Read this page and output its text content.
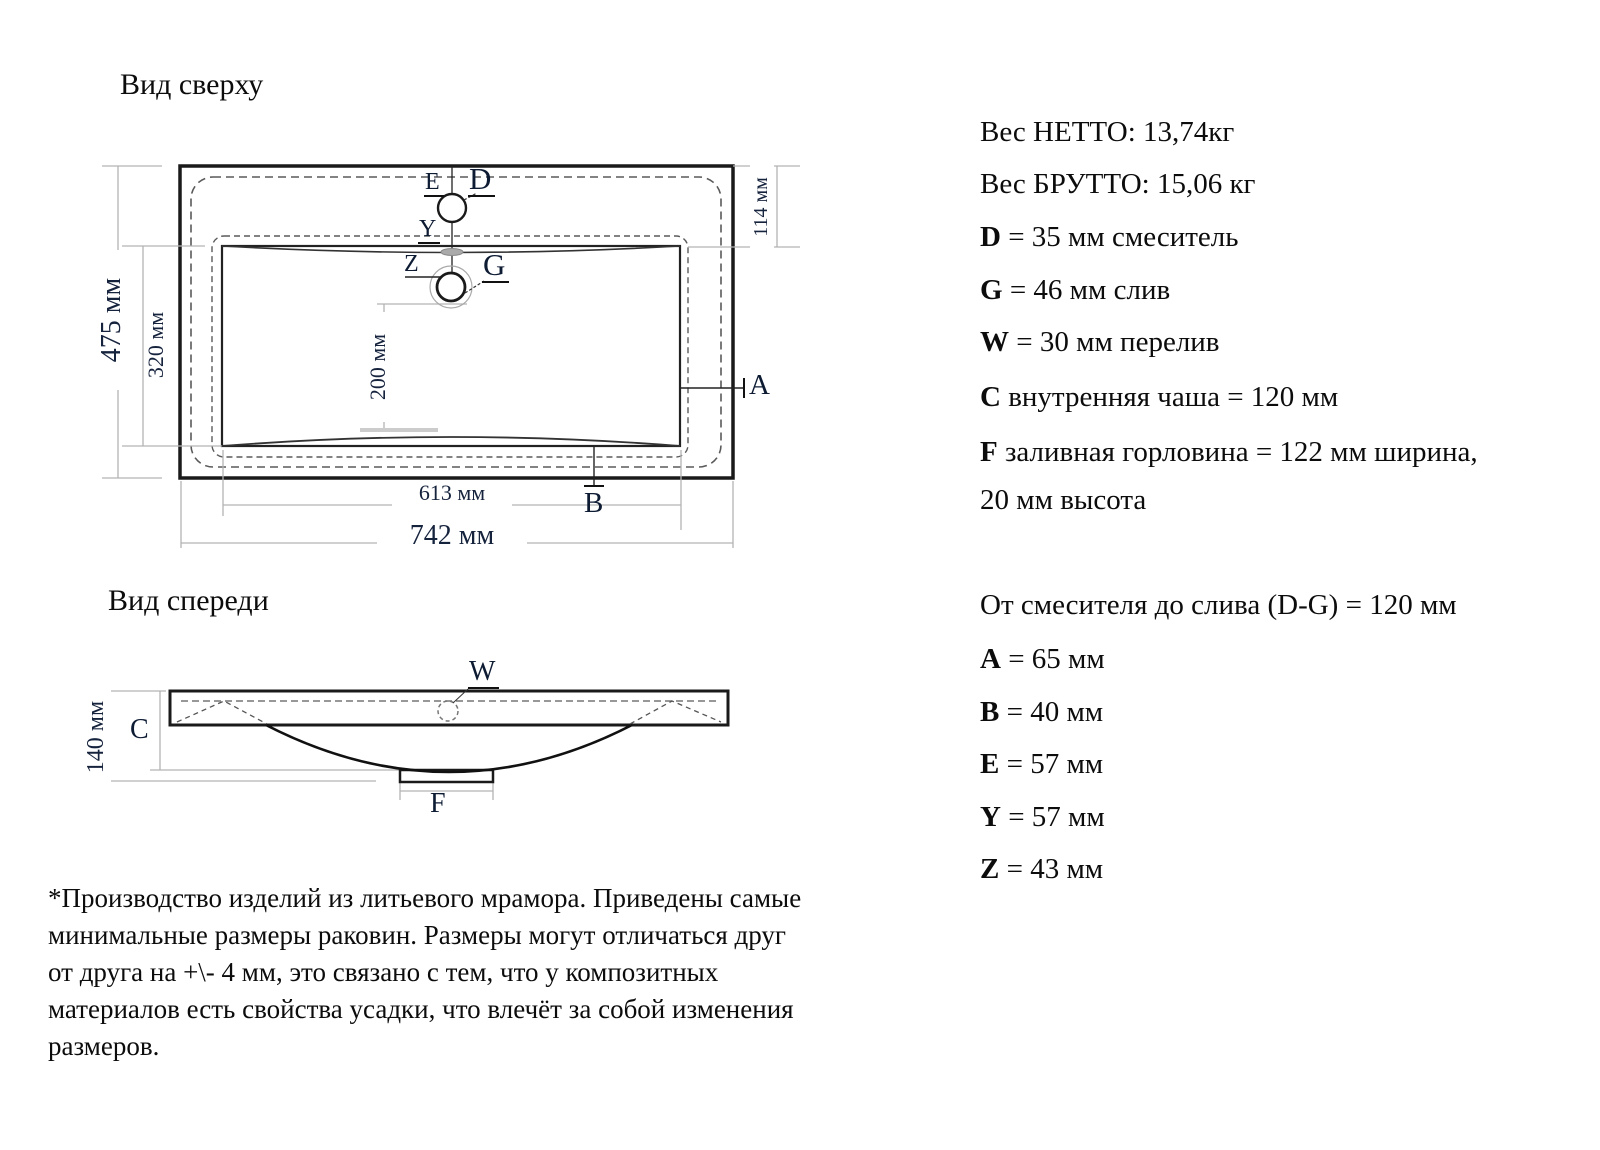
Вид сверху
Вид спереди
E D
Y
Z G
A
B
W
C
F
475 мм 320 мм	200 мм
114 мм
613 мм
742 мм
140 мм
Вес НЕТТО: 13,74кг
Вес БРУТТО: 15,06 кг
D = 35 мм смеситель
G = 46 мм слив
W = 30 мм перелив
C внутренняя чаша = 120 мм
F заливная горловина = 122 мм ширина,
20 мм высота
От смесителя до слива (D-G) = 120 мм
A = 65 мм
B = 40 мм
E = 57 мм
Y = 57 мм
Z = 43 мм
*Производство изделий из литьевого мрамора. Приведены самые
минимальные размеры раковин. Размеры могут отличаться друг
от друга на +\- 4 мм, это связано с тем, что у композитных
материалов есть свойства усадки, что влечёт за собой изменения
размеров.
